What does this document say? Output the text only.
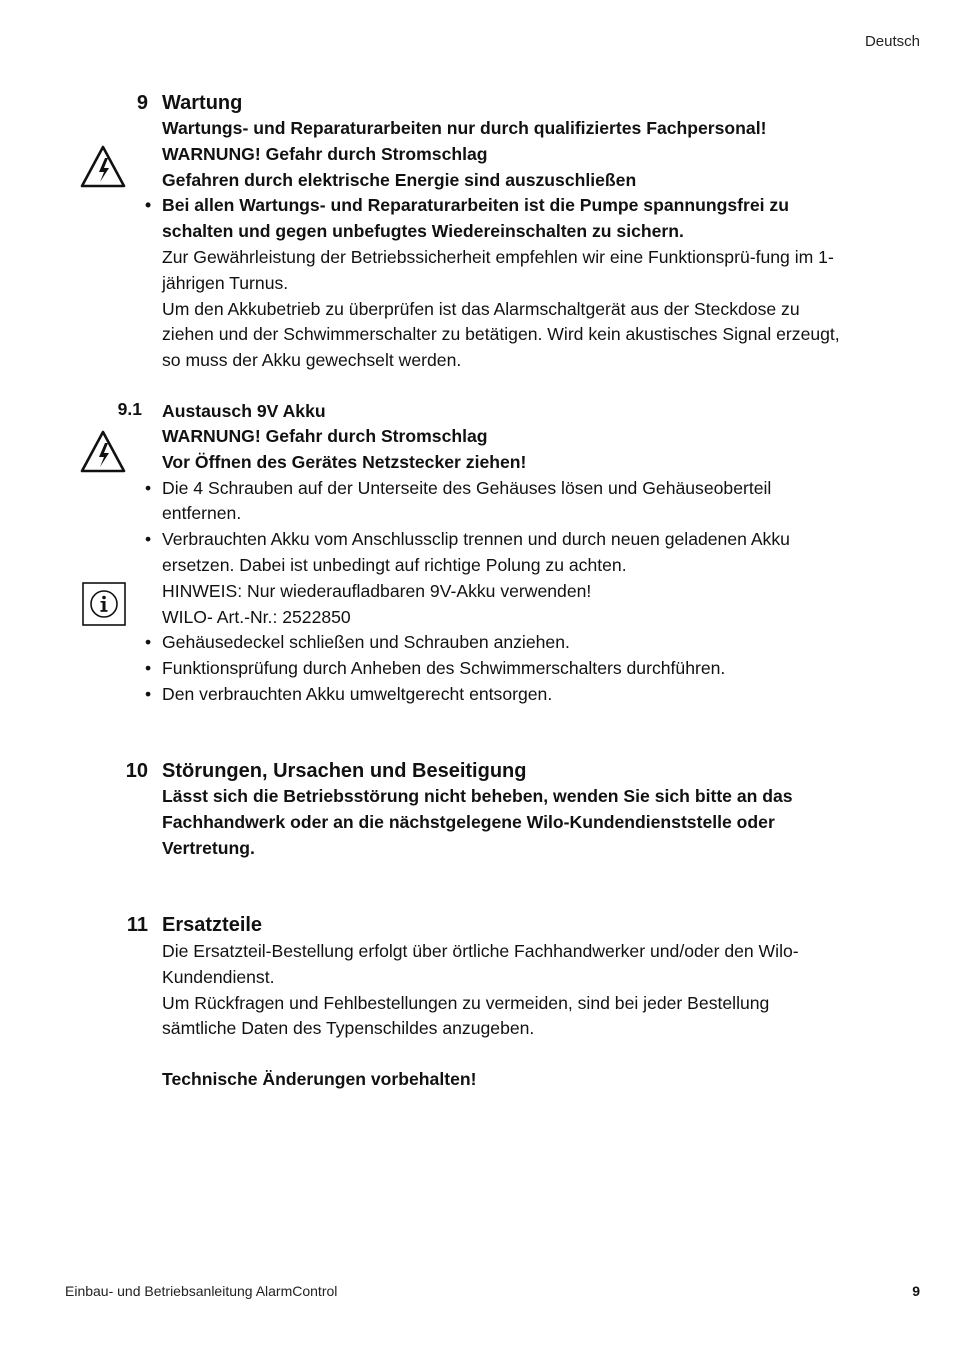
Deutsch
9 Wartung

Wartungs- und Reparaturarbeiten nur durch qualifiziertes Fachpersonal!

WARNUNG! Gefahr durch Stromschlag

Gefahren durch elektrische Energie sind auszuschließen

• Bei allen Wartungs- und Reparaturarbeiten ist die Pumpe spannungsfrei zu schalten und gegen unbefugtes Wiedereinschalten zu sichern.

Zur Gewährleistung der Betriebssicherheit empfehlen wir eine Funktionsprü-fung im 1-jährigen Turnus.

Um den Akkubetrieb zu überprüfen ist das Alarmschaltgerät aus der Steckdose zu ziehen und der Schwimmerschalter zu betätigen. Wird kein akustisches Signal erzeugt, so muss der Akku gewechselt werden.

9.1 Austausch 9V Akku

WARNUNG! Gefahr durch Stromschlag

Vor Öffnen des Gerätes Netzstecker ziehen!

• Die 4 Schrauben auf der Unterseite des Gehäuses lösen und Gehäuseoberteil entfernen.

• Verbrauchten Akku vom Anschlussclip trennen und durch neuen geladenen Akku ersetzen. Dabei ist unbedingt auf richtige Polung zu achten.

HINWEIS: Nur wiederaufladbaren 9V-Akku verwenden!

WILO- Art.-Nr.: 2522850

• Gehäusedeckel schließen und Schrauben anziehen.

• Funktionsprüfung durch Anheben des Schwimmerschalters durchführen.

• Den verbrauchten Akku umweltgerecht entsorgen.

10 Störungen, Ursachen und Beseitigung
Lässt sich die Betriebsstörung nicht beheben, wenden Sie sich bitte an das Fachhandwerk oder an die nächstgelegene Wilo-Kundendienststelle oder Vertretung.
11 Ersatzteile

Die Ersatzteil-Bestellung erfolgt über örtliche Fachhandwerker und/oder den Wilo-Kundendienst.

Um Rückfragen und Fehlbestellungen zu vermeiden, sind bei jeder Bestellung sämtliche Daten des Typenschildes anzugeben.

Technische Änderungen vorbehalten!
Einbau- und Betriebsanleitung AlarmControl	9
